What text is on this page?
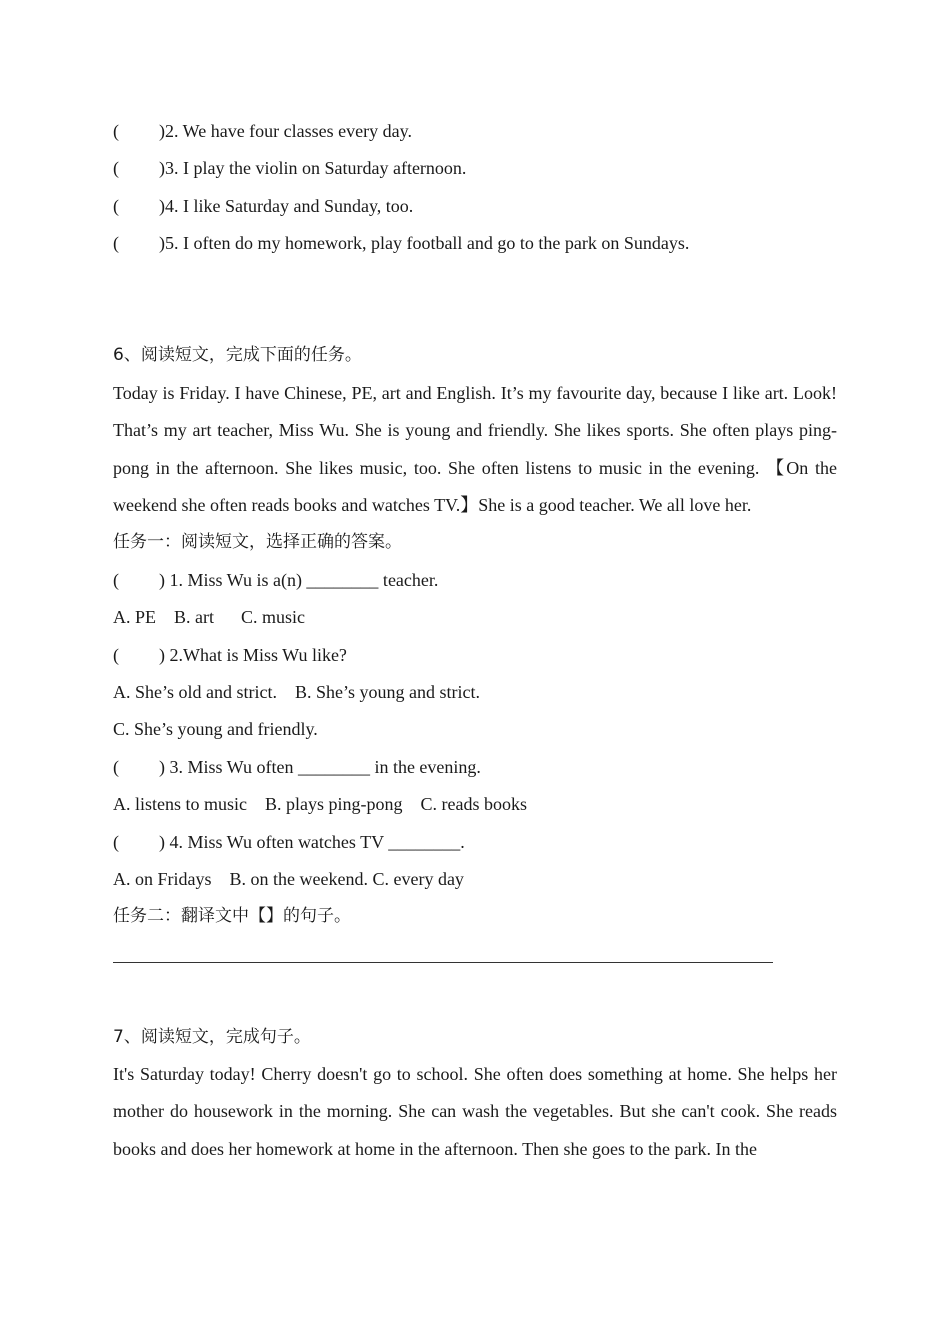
(	)2. We have four classes every day.
(	)3. I play the violin on Saturday afternoon.
(	)4. I like Saturday and Sunday, too.
(	)5. I often do my homework, play football and go to the park on Sundays.
6、阅读短文，完成下面的任务。
Today is Friday. I have Chinese, PE, art and English. It’s my favourite day, because I like art. Look! That’s my art teacher, Miss Wu. She is young and friendly. She likes sports. She often plays ping-pong in the afternoon. She likes music, too. She often listens to music in the evening. 【On the weekend she often reads books and watches TV.】She is a good teacher. We all love her.
任务一：阅读短文，选择正确的答案。
(	) 1. Miss Wu is a(n) ________ teacher.
A. PE    B. art      C. music
(	) 2.What is Miss Wu like?
A. She’s old and strict.    B. She’s young and strict.
C. She’s young and friendly.
(	) 3. Miss Wu often ________ in the evening.
A. listens to music    B. plays ping-pong    C. reads books
(	) 4. Miss Wu often watches TV ________.
A. on Fridays    B. on the weekend. C. every day
任务二：翻译文中【】的句子。
7、阅读短文，完成句子。
It's Saturday today! Cherry doesn't go to school. She often does something at home. She helps her mother do housework in the morning. She can wash the vegetables. But she can't cook. She reads books and does her homework at home in the afternoon. Then she goes to the park. In the
